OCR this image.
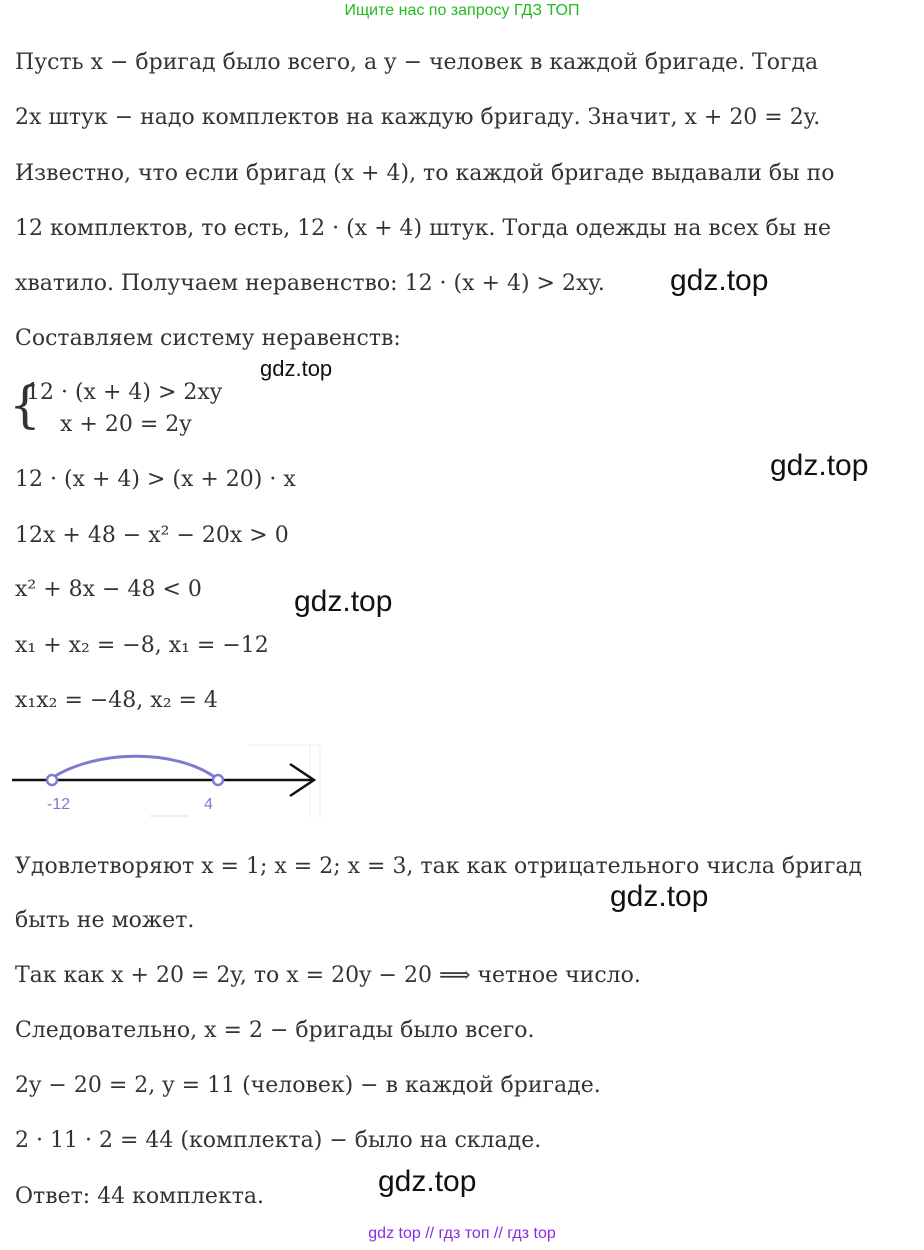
Ищите нас по запросу ГДЗ ТОП
Пусть x − бригад было всего, а y − человек в каждой бригаде. Тогда
2x штук − надо комплектов на каждую бригаду. Значит, x + 20 = 2y.
Известно, что если бригад (x + 4), то каждой бригаде выдавали бы по
12 комплектов, то есть, 12 · (x + 4) штук. Тогда одежды на всех бы не
хватило. Получаем неравенство: 12 · (x + 4) > 2xy.
Составляем систему неравенств:
{
12 · (x + 4) > 2xy
x + 20 = 2y
12 · (x + 4) > (x + 20) · x
12x + 48 − x² − 20x > 0
x² + 8x − 48 < 0
x₁ + x₂ = −8, x₁ = −12
x₁x₂ = −48, x₂ = 4
-12	4
Удовлетворяют x = 1; x = 2; x = 3, так как отрицательного числа бригад
быть не может.
Так как x + 20 = 2y, то x = 20y − 20 ⟹ четное число.
Следовательно, x = 2 − бригады было всего.
2y − 20 = 2, y = 11 (человек) − в каждой бригаде.
2 · 11 · 2 = 44 (комплекта) − было на складе.
Ответ: 44 комплекта.
gdz.top
gdz.top
gdz.top
gdz.top
gdz.top
gdz.top
gdz top // гдз топ // гдз top
